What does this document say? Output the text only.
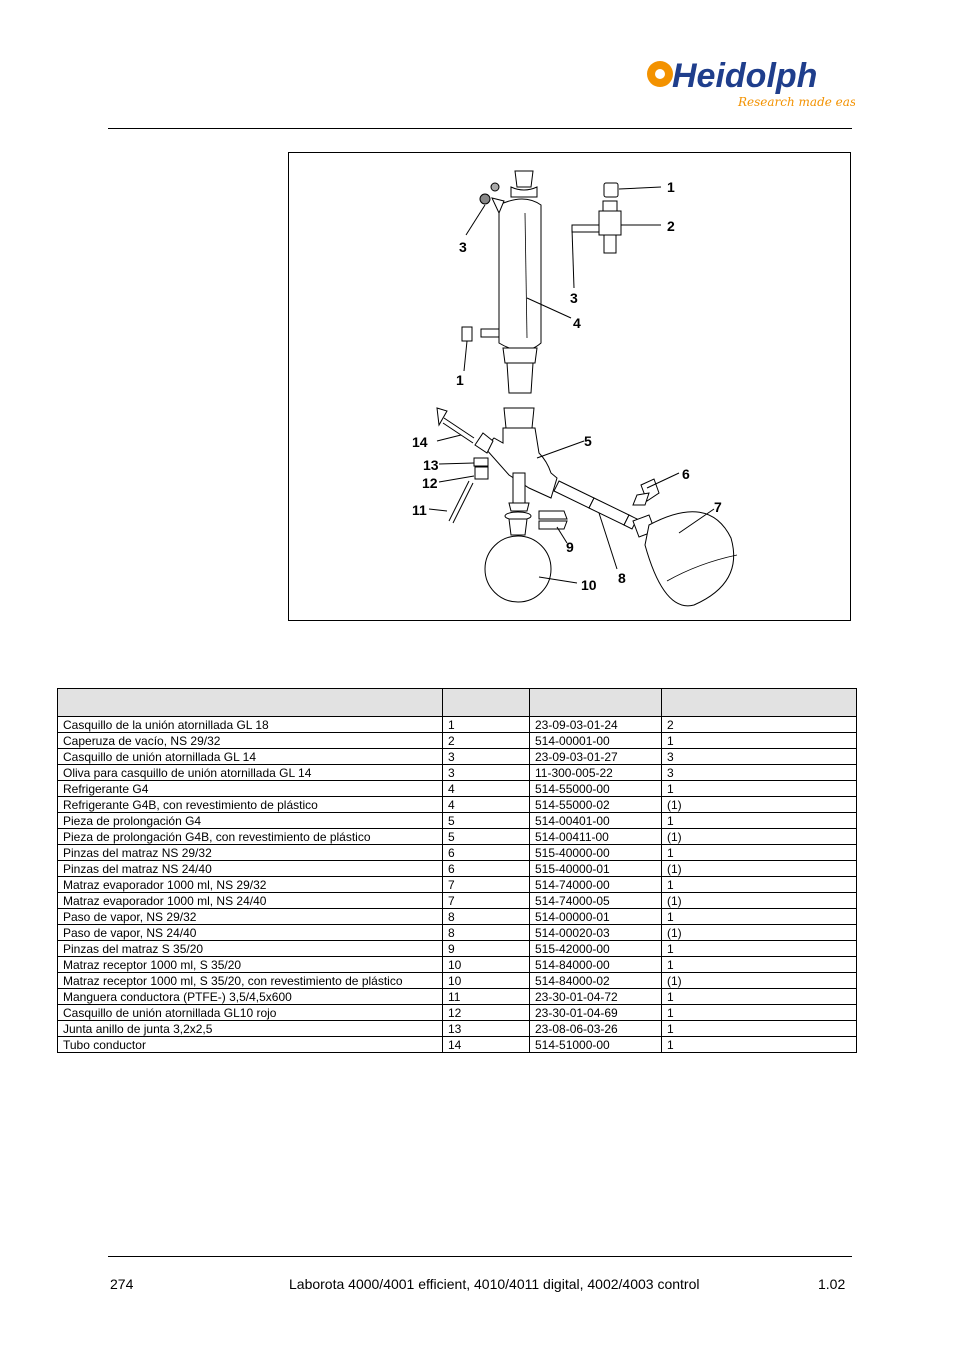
Heidolph
Research made easy
1
2
3
3
4
1
14	5
13
12
6
7
11
9
8
10

Casquillo de la unión atornillada GL 18	1	23-09-03-01-24	2
Caperuza de vacío, NS 29/32	2	514-00001-00	1
Casquillo de unión atornillada GL 14	3	23-09-03-01-27	3
Oliva para casquillo de unión atornillada GL 14	3	11-300-005-22	3
Refrigerante G4	4	514-55000-00	1
Refrigerante G4B, con revestimiento de plástico	4	514-55000-02	(1)
Pieza de prolongación G4	5	514-00401-00	1
Pieza de prolongación G4B, con revestimiento de plástico	5	514-00411-00	(1)
Pinzas del matraz NS 29/32	6	515-40000-00	1
Pinzas del matraz NS 24/40	6	515-40000-01	(1)
Matraz evaporador 1000 ml, NS 29/32	7	514-74000-00	1
Matraz evaporador 1000 ml, NS 24/40	7	514-74000-05	(1)
Paso de vapor, NS 29/32	8	514-00000-01	1
Paso de vapor, NS 24/40	8	514-00020-03	(1)
Pinzas del matraz S 35/20	9	515-42000-00	1
Matraz receptor 1000 ml, S 35/20	10	514-84000-00	1
Matraz receptor 1000 ml, S 35/20, con revestimiento de plástico	10	514-84000-02	(1)
Manguera conductora (PTFE-) 3,5/4,5x600	11	23-30-01-04-72	1
Casquillo de unión atornillada GL10 rojo	12	23-30-01-04-69	1
Junta anillo de junta 3,2x2,5	13	23-08-06-03-26	1
Tubo conductor	14	514-51000-00	1
274	Laborota 4000/4001 efficient, 4010/4011 digital, 4002/4003 control	1.02
